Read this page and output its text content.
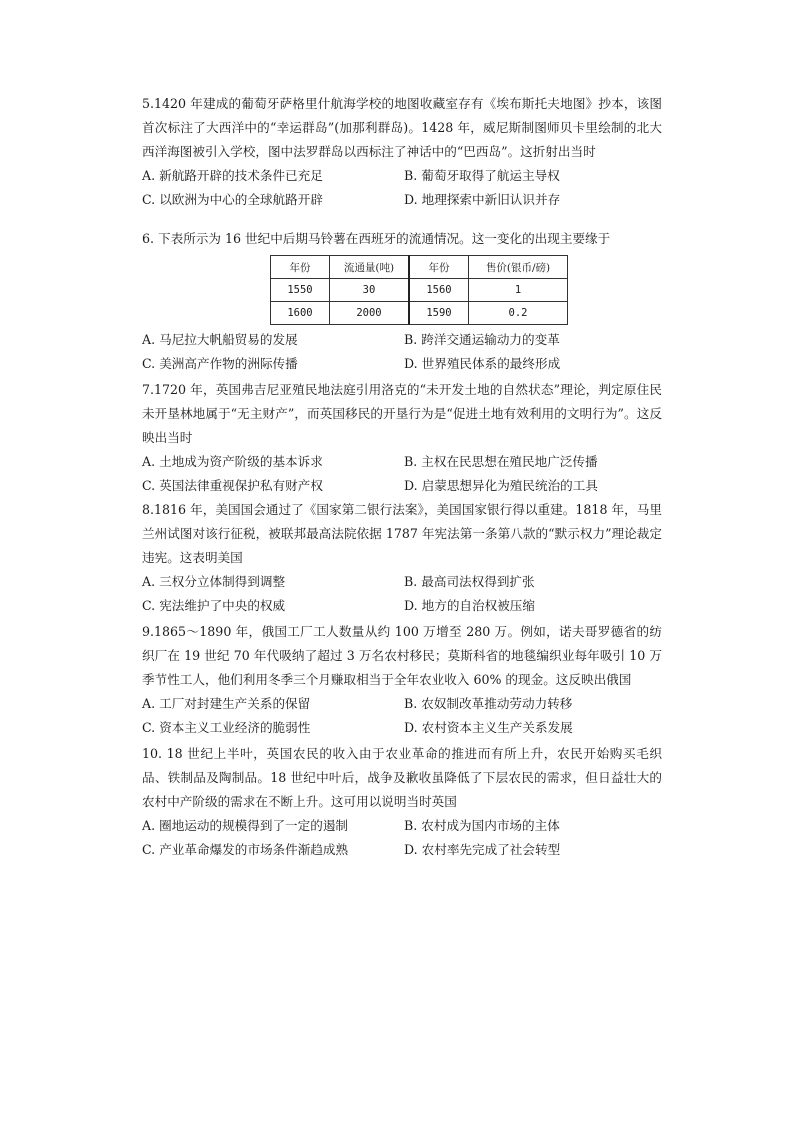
5.1420 年建成的葡萄牙萨格里什航海学校的地图收藏室存有《埃布斯托夫地图》抄本，该图首次标注了大西洋中的“幸运群岛”(加那利群岛)。1428 年，威尼斯制图师贝卡里绘制的北大西洋海图被引入学校，图中法罗群岛以西标注了神话中的“巴西岛”。这折射出当时

A. 新航路开辟的技术条件已充足	B. 葡萄牙取得了航运主导权
C. 以欧洲为中心的全球航路开辟	D. 地理探索中新旧认识并存

6. 下表所示为 16 世纪中后期马铃薯在西班牙的流通情况。这一变化的出现主要缘于

年份	流通量(吨)	年份	售价(银币/磅)
1550	30	1560	1
1600	2000	1590	0.2
A. 马尼拉大帆船贸易的发展	B. 跨洋交通运输动力的变革
C. 美洲高产作物的洲际传播	D. 世界殖民体系的最终形成

7.1720 年，英国弗吉尼亚殖民地法庭引用洛克的“未开发土地的自然状态”理论，判定原住民未开垦林地属于“无主财产”，而英国移民的开垦行为是“促进土地有效利用的文明行为”。这反映出当时

A. 土地成为资产阶级的基本诉求	B. 主权在民思想在殖民地广泛传播
C. 英国法律重视保护私有财产权	D. 启蒙思想异化为殖民统治的工具

8.1816 年，美国国会通过了《国家第二银行法案》，美国国家银行得以重建。1818 年，马里兰州试图对该行征税，被联邦最高法院依据 1787 年宪法第一条第八款的“默示权力”理论裁定违宪。这表明美国

A. 三权分立体制得到调整	B. 最高司法权得到扩张
C. 宪法维护了中央的权威	D. 地方的自治权被压缩

9.1865～1890 年，俄国工厂工人数量从约 100 万增至 280 万。例如，诺夫哥罗德省的纺织厂在 19 世纪 70 年代吸纳了超过 3 万名农村移民；莫斯科省的地毯编织业每年吸引 10 万季节性工人，他们利用冬季三个月赚取相当于全年农业收入 60% 的现金。这反映出俄国

A. 工厂对封建生产关系的保留	B. 农奴制改革推动劳动力转移
C. 资本主义工业经济的脆弱性	D. 农村资本主义生产关系发展

10. 18 世纪上半叶，英国农民的收入由于农业革命的推进而有所上升，农民开始购买毛织品、铁制品及陶制品。18 世纪中叶后，战争及歉收虽降低了下层农民的需求，但日益壮大的农村中产阶级的需求在不断上升。这可用以说明当时英国

A. 圈地运动的规模得到了一定的遏制	B. 农村成为国内市场的主体
C. 产业革命爆发的市场条件渐趋成熟	D. 农村率先完成了社会转型
